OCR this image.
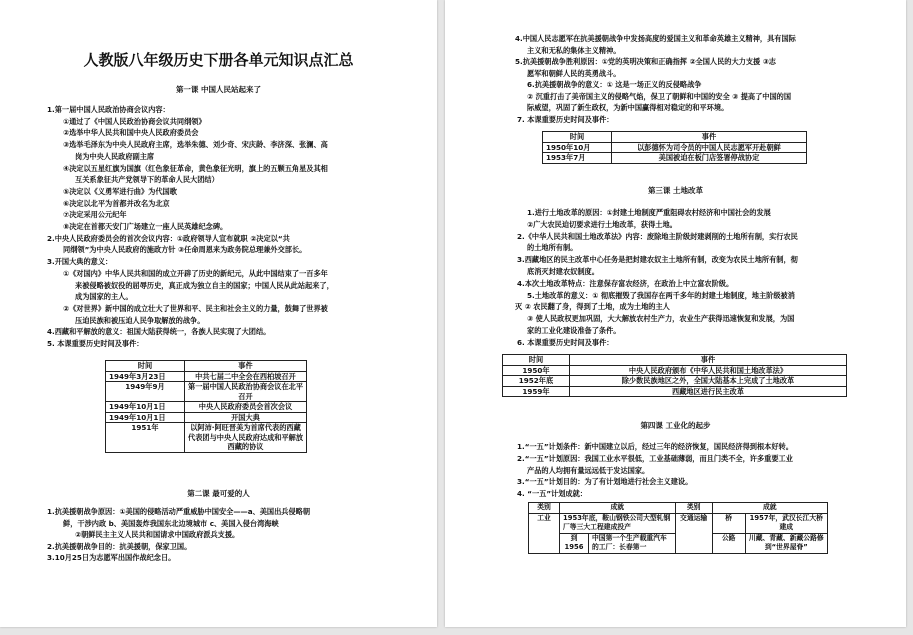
人教版八年级历史下册各单元知识点汇总
第一课 中国人民站起来了
1.第一届中国人民政治协商会议内容：
①通过了《中国人民政治协商会议共同纲领》
②选举中华人民共和国中央人民政府委员会
③选举毛泽东为中央人民政府主席，选举朱德、刘少奇、宋庆龄、李济深、张澜、高
岗为中央人民政府副主席
④决定以五星红旗为国旗（红色象征革命，黄色象征光明，旗上的五颗五角星及其相
互关系象征共产党领导下的革命人民大团结）
⑤决定以《义勇军进行曲》为代国歌
⑥决定以北平为首都并改名为北京
⑦决定采用公元纪年
⑧决定在首都天安门广场建立一座人民英雄纪念碑。
2.中央人民政府委员会的首次会议内容：①政府领导人宣布就职 ②决定以“共
同纲领”为中央人民政府的施政方针 ③任命周恩来为政务院总理兼外交部长。
3.开国大典的意义：
①《对国内》中华人民共和国的成立开辟了历史的新纪元，从此中国结束了一百多年
来被侵略被奴役的屈辱历史，真正成为独立自主的国家；中国人民从此站起来了，
成为国家的主人。
②《对世界》新中国的成立壮大了世界和平、民主和社会主义的力量，鼓舞了世界被
压迫民族和被压迫人民争取解放的战争。
4.西藏和平解放的意义：祖国大陆获得统一，各族人民实现了大团结。
5. 本课重要历史时间及事件：
时间	事件
1949年3月23日	中共七届二中全会在西柏坡召开
1949年9月	第一届中国人民政治协商会议在北平召开
1949年10月1日	中央人民政府委员会首次会议
1949年10月1日	开国大典
1951年	以阿沛·阿旺晋美为首席代表的西藏代表团与中央人民政府达成和平解放西藏的协议
第二课 最可爱的人
1.抗美援朝战争原因：①美国的侵略活动严重威胁中国安全——a、美国出兵侵略朝
鲜，干涉内政 b、美国轰炸我国东北边境城市 c、美国入侵台湾海峡
②朝鲜民主主义人民共和国请求中国政府派兵支援。
2.抗美援朝战争目的：抗美援朝，保家卫国。
3.10月25日为志愿军出国作战纪念日。
4.中国人民志愿军在抗美援朝战争中发扬高度的爱国主义和革命英雄主义精神，具有国际
主义和无私的集体主义精神。
5.抗美援朝战争胜利原因：①党的英明决策和正确指挥 ②全国人民的大力支援 ③志
愿军和朝鲜人民的英勇战斗。
6.抗美援朝战争的意义：① 这是一场正义的反侵略战争
② 沉重打击了美帝国主义的侵略气焰，保卫了朝鲜和中国的安全 ③ 提高了中国的国
际威望，巩固了新生政权，为新中国赢得相对稳定的和平环境。
7. 本课重要历史时间及事件：
时间	事件
1950年10月	以彭德怀为司令员的中国人民志愿军开赴朝鲜
1953年7月	美国被迫在板门店签署停战协定
第三课 土地改革
1.进行土地改革的原因：①封建土地制度严重阻碍农村经济和中国社会的发展
②广大农民迫切要求进行土地改革，获得土地。
2.《中华人民共和国土地改革法》内容：废除地主阶级封建剥削的土地所有制，实行农民
的土地所有制。
3.西藏地区的民主改革中心任务是把封建农奴主土地所有制，改变为农民土地所有制，彻
底消灭封建农奴制度。
4.本次土地改革特点：注意保存富农经济，在政治上中立富农阶级。
5.土地改革的意义：① 彻底摧毁了我国存在两千多年的封建土地制度，地主阶级被消
灭 ② 农民翻了身，得到了土地，成为土地的主人
③ 使人民政权更加巩固，大大解放农村生产力，农业生产获得迅速恢复和发展，为国
家的工业化建设准备了条件。
6. 本课重要历史时间及事件：
时间	事件
1950年	中央人民政府颁布《中华人民共和国土地改革法》
1952年底	除少数民族地区之外，全国大陆基本上完成了土地改革
1959年	西藏地区进行民主改革
第四课 工业化的起步
1.“一五”计划条件：新中国建立以后，经过三年的经济恢复，国民经济得到根本好转。
2.“一五”计划原因：我国工业水平很低，工业基础薄弱，而且门类不全，许多重要工业
产品的人均拥有量远远低于发达国家。
3.“一五”计划目的：为了有计划地进行社会主义建设。
4. “一五”计划成就：
类别	成就		类别	成就	
工业	1953年底，鞍山钢铁公司大型轧钢厂等三大工程建成投产		交通运输	桥	1957年，武汉长江大桥建成
	到1956	中国第一个生产载重汽车的工厂：长春第一		公路	川藏、青藏、新藏公路修到“世界屋脊”
